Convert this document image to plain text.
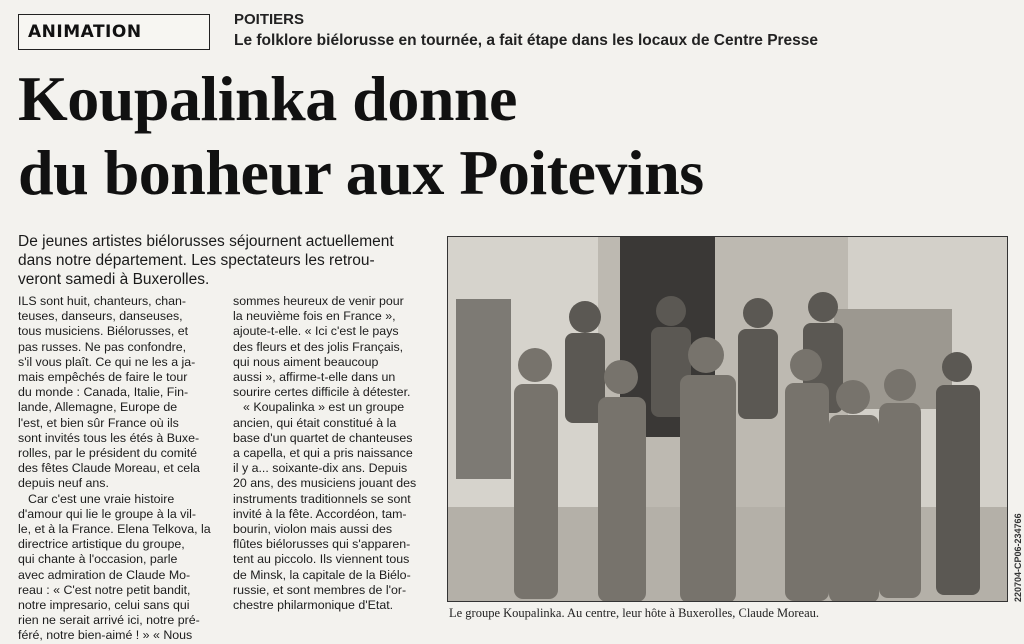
ANIMATION
POITIERS
Le folklore biélorusse en tournée, a fait étape dans les locaux de Centre Presse
Koupalinka donne
du bonheur aux Poitevins
De jeunes artistes biélorusses séjournent actuellement
dans notre département. Les spectateurs les retrou-
veront samedi à Buxerolles.
ILS sont huit, chanteurs, chan-
teuses, danseurs, danseuses,
tous musiciens. Biélorusses, et
pas russes. Ne pas confondre,
s'il vous plaît. Ce qui ne les a ja-
mais empêchés de faire le tour
du monde : Canada, Italie, Fin-
lande, Allemagne, Europe de
l'est, et bien sûr France où ils
sont invités tous les étés à Buxe-
rolles, par le président du comité
des fêtes Claude Moreau, et cela
depuis neuf ans.
Car c'est une vraie histoire
d'amour qui lie le groupe à la vil-
le, et à la France. Elena Telkova, la
directrice artistique du groupe,
qui chante à l'occasion, parle
avec admiration de Claude Mo-
reau : « C'est notre petit bandit,
notre impresario, celui sans qui
rien ne serait arrivé ici, notre pré-
féré, notre bien-aimé ! » « Nous
sommes heureux de venir pour
la neuvième fois en France »,
ajoute-t-elle. « Ici c'est le pays
des fleurs et des jolis Français,
qui nous aiment beaucoup
aussi », affirme-t-elle dans un
sourire certes difficile à détester.
« Koupalinka » est un groupe
ancien, qui était constitué à la
base d'un quartet de chanteuses
a capella, et qui a pris naissance
il y a... soixante-dix ans. Depuis
20 ans, des musiciens jouant des
instruments traditionnels se sont
invité à la fête. Accordéon, tam-
bourin, violon mais aussi des
flûtes biélorusses qui s'apparen-
tent au piccolo. Ils viennent tous
de Minsk, la capitale de la Biélo-
russie, et sont membres de l'or-
chestre philarmonique d'Etat.
Le groupe Koupalinka. Au centre, leur hôte à Buxerolles, Claude Moreau.
220704-CP06-234766
